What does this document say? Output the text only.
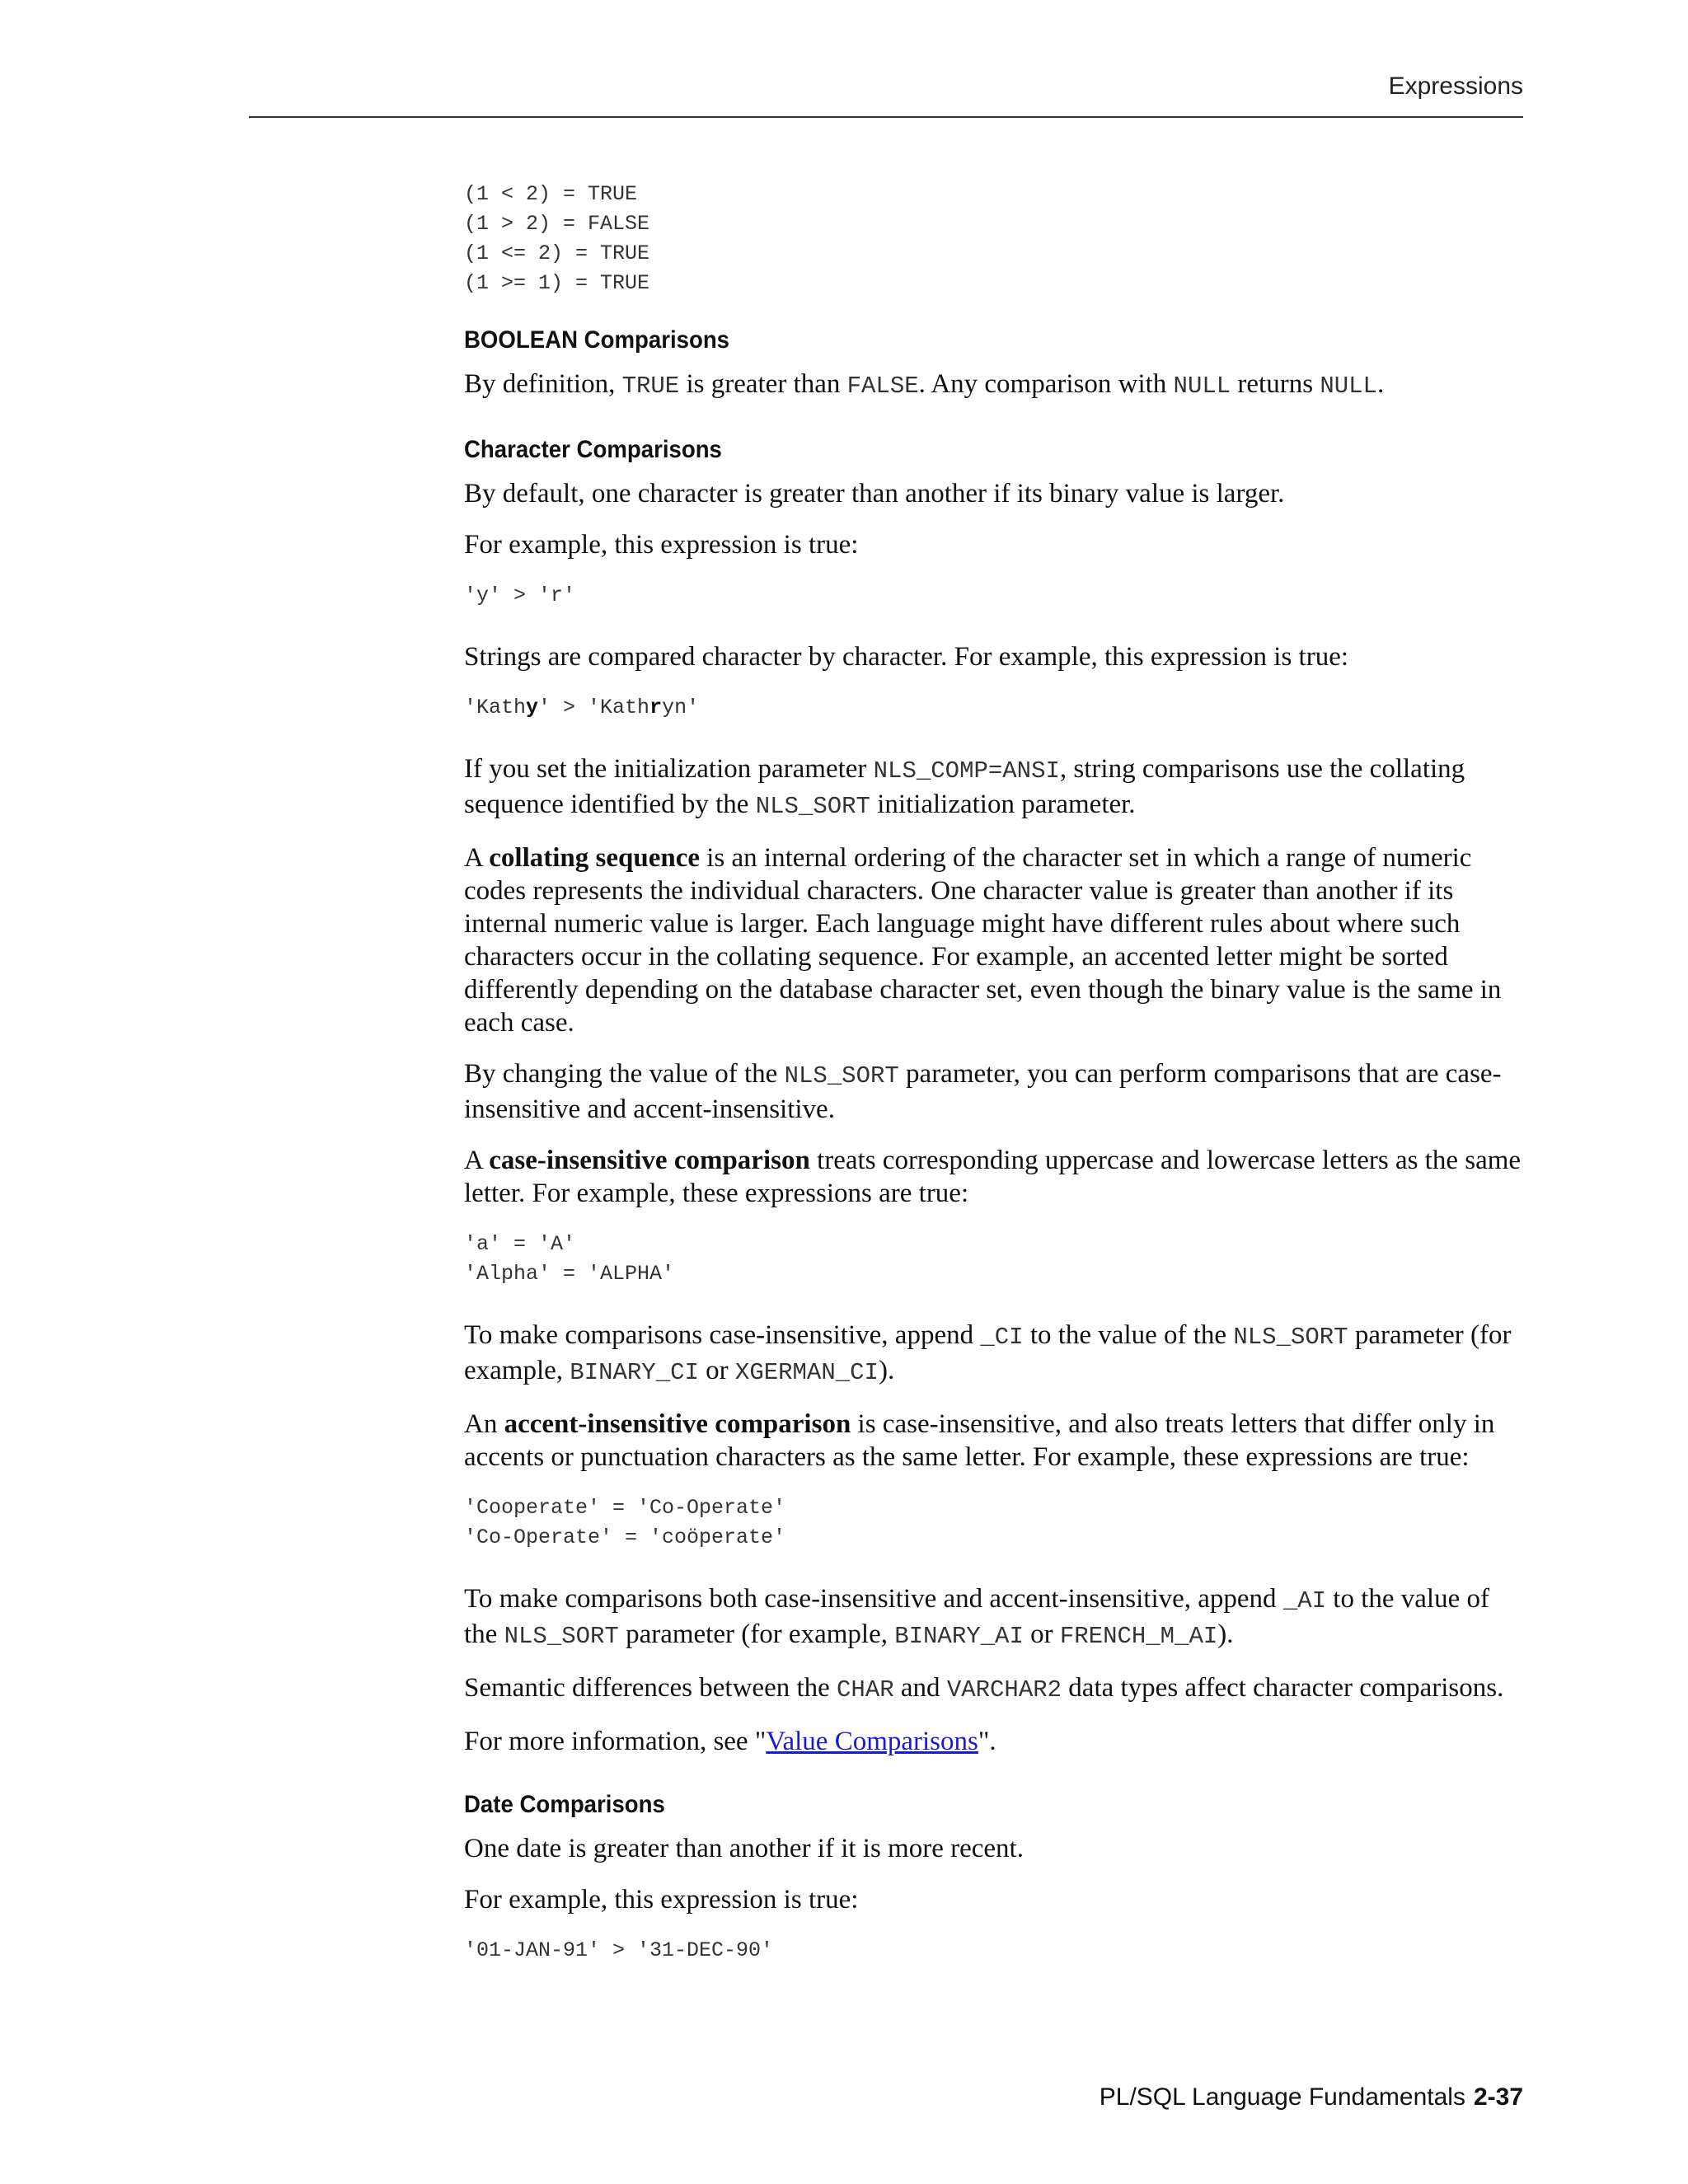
Expressions
(1 < 2) = TRUE
(1 > 2) = FALSE
(1 <= 2) = TRUE
(1 >= 1) = TRUE
BOOLEAN Comparisons

By definition, TRUE is greater than FALSE. Any comparison with NULL returns NULL.

Character Comparisons

By default, one character is greater than another if its binary value is larger.

For example, this expression is true:

'y' > 'r'

Strings are compared character by character. For example, this expression is true:

'Kathy' > 'Kathryn'

If you set the initialization parameter NLS_COMP=ANSI, string comparisons use the collating sequence identified by the NLS_SORT initialization parameter.

A collating sequence is an internal ordering of the character set in which a range of numeric codes represents the individual characters. One character value is greater than another if its internal numeric value is larger. Each language might have different rules about where such characters occur in the collating sequence. For example, an accented letter might be sorted differently depending on the database character set, even though the binary value is the same in each case.

By changing the value of the NLS_SORT parameter, you can perform comparisons that are case-insensitive and accent-insensitive.

A case-insensitive comparison treats corresponding uppercase and lowercase letters as the same letter. For example, these expressions are true:

'a' = 'A'
'Alpha' = 'ALPHA'

To make comparisons case-insensitive, append _CI to the value of the NLS_SORT parameter (for example, BINARY_CI or XGERMAN_CI).

An accent-insensitive comparison is case-insensitive, and also treats letters that differ only in accents or punctuation characters as the same letter. For example, these expressions are true:

'Cooperate' = 'Co-Operate'
'Co-Operate' = 'coöperate'

To make comparisons both case-insensitive and accent-insensitive, append _AI to the value of the NLS_SORT parameter (for example, BINARY_AI or FRENCH_M_AI).

Semantic differences between the CHAR and VARCHAR2 data types affect character comparisons.

For more information, see "Value Comparisons".

Date Comparisons

One date is greater than another if it is more recent.

For example, this expression is true:

'01-JAN-91' > '31-DEC-90'
PL/SQL Language Fundamentals 2-37
